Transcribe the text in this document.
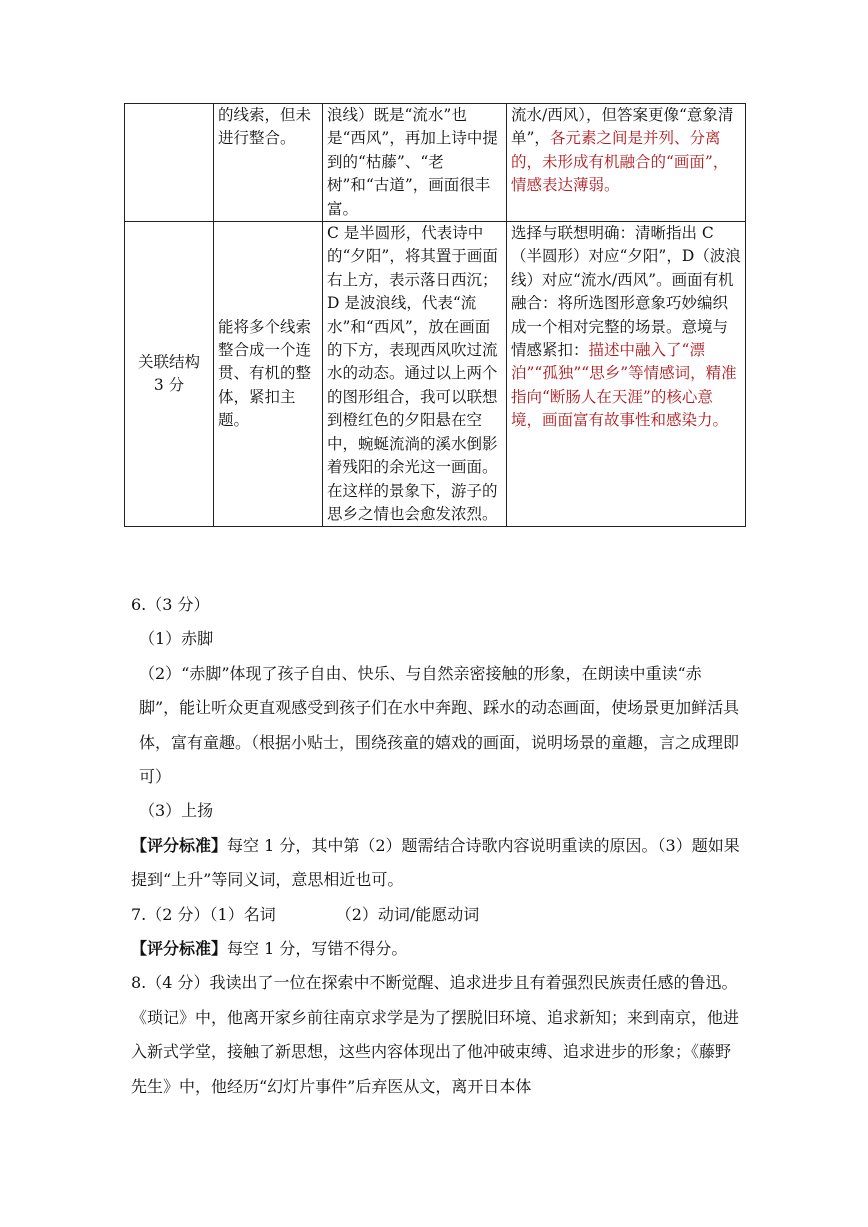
	的线索，但未进行整合。	浪线）既是“流水”也是“西风”，再加上诗中提到的“枯藤”、“老树”和“古道”，画面很丰富。	流水/西风），但答案更像“意象清单”，各元素之间是并列、分离的，未形成有机融合的“画面”，情感表达薄弱。

关联结构
3 分	能将多个线索整合成一个连贯、有机的整体，紧扣主题。	C 是半圆形，代表诗中的“夕阳”，将其置于画面右上方，表示落日西沉；D 是波浪线，代表“流水”和“西风”，放在画面的下方，表现西风吹过流水的动态。通过以上两个的图形组合，我可以联想到橙红色的夕阳悬在空中，蜿蜒流淌的溪水倒影着残阳的余光这一画面。在这样的景象下，游子的思乡之情也会愈发浓烈。	选择与联想明确：清晰指出 C（半圆形）对应“夕阳”，D（波浪线）对应“流水/西风”。画面有机融合：将所选图形意象巧妙编织成一个相对完整的场景。意境与情感紧扣：描述中融入了“漂泊”“孤独”“思乡”等情感词，精准指向“断肠人在天涯”的核心意境，画面富有故事性和感染力。

6.（3 分）

（1）赤脚

（2）“赤脚”体现了孩子自由、快乐、与自然亲密接触的形象，在朗读中重读“赤脚”，能让听众更直观感受到孩子们在水中奔跑、踩水的动态画面，使场景更加鲜活具体，富有童趣。（根据小贴士，围绕孩童的嬉戏的画面，说明场景的童趣，言之成理即可）

（3）上扬

【评分标准】每空 1 分，其中第（2）题需结合诗歌内容说明重读的原因。（3）题如果提到“上升”等同义词，意思相近也可。

7.（2 分）（1）名词	（2）动词/能愿动词

【评分标准】每空 1 分，写错不得分。

8.（4 分）我读出了一位在探索中不断觉醒、追求进步且有着强烈民族责任感的鲁迅。《琐记》中，他离开家乡前往南京求学是为了摆脱旧环境、追求新知；来到南京，他进入新式学堂，接触了新思想，这些内容体现出了他冲破束缚、追求进步的形象；《藤野先生》中，他经历“幻灯片事件”后弃医从文，离开日本体
